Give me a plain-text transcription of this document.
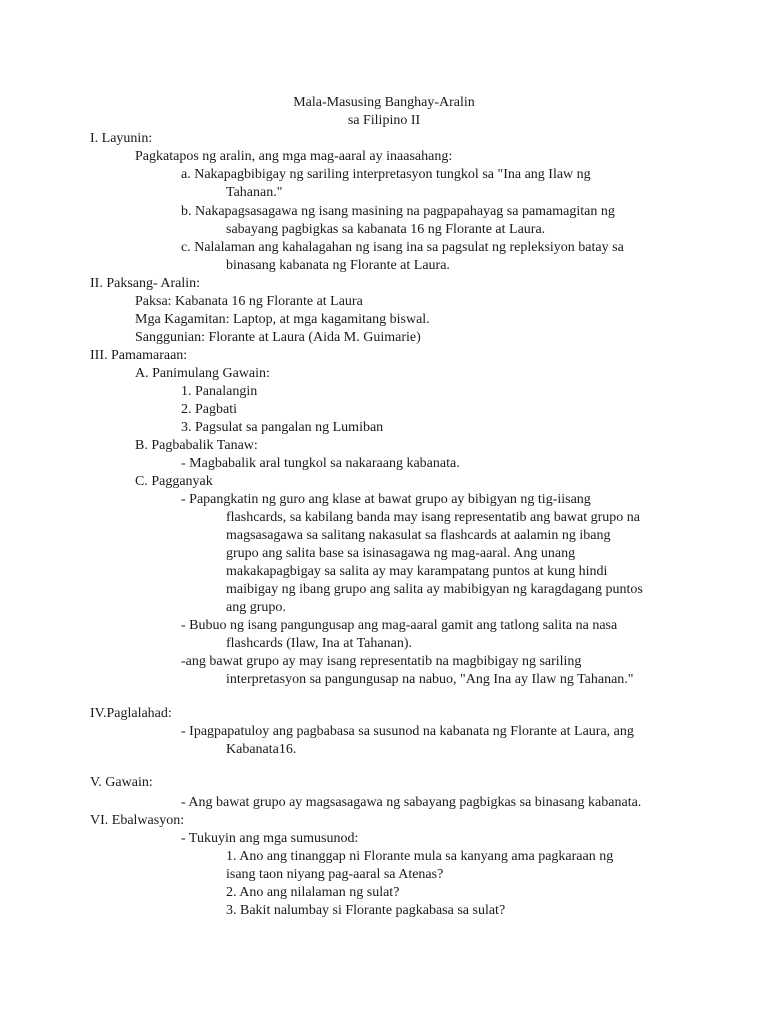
Mala-Masusing Banghay-Aralin
sa Filipino II
I. Layunin:
Pagkatapos ng aralin, ang mga mag-aaral ay inaasahang:
a. Nakapagbibigay ng sariling interpretasyon tungkol sa "Ina ang Ilaw ng
Tahanan."
b. Nakapagsasagawa ng isang masining na pagpapahayag sa pamamagitan ng
sabayang pagbigkas sa kabanata 16 ng Florante at Laura.
c. Nalalaman ang kahalagahan ng isang ina sa pagsulat ng repleksiyon batay sa
binasang kabanata ng Florante at Laura.
II. Paksang- Aralin:
Paksa: Kabanata 16 ng Florante at Laura
Mga Kagamitan: Laptop, at mga kagamitang biswal.
Sanggunian: Florante at Laura (Aida M. Guimarie)
III. Pamamaraan:
A. Panimulang Gawain:
1. Panalangin
2. Pagbati
3. Pagsulat sa pangalan ng Lumiban
B. Pagbabalik Tanaw:
- Magbabalik aral tungkol sa nakaraang kabanata.
C. Pagganyak
- Papangkatin ng guro ang klase at bawat grupo ay bibigyan ng tig-iisang
flashcards, sa kabilang banda may isang representatib ang bawat grupo na
magsasagawa sa salitang nakasulat sa flashcards at aalamin ng ibang
grupo ang salita base sa isinasagawa ng mag-aaral. Ang unang
makakapagbigay sa salita ay may karampatang puntos at kung hindi
maibigay ng ibang grupo ang salita ay mabibigyan ng karagdagang puntos
ang grupo.
- Bubuo ng isang pangungusap ang mag-aaral gamit ang tatlong salita na nasa
flashcards (Ilaw, Ina at Tahanan).
-ang bawat grupo ay may isang representatib na magbibigay ng sariling
interpretasyon sa pangungusap na nabuo, "Ang Ina ay Ilaw ng Tahanan."
IV.Paglalahad:
- Ipagpapatuloy ang pagbabasa sa susunod na kabanata ng Florante at Laura, ang
Kabanata16.
V. Gawain:
- Ang bawat grupo ay magsasagawa ng sabayang pagbigkas sa binasang kabanata.
VI. Ebalwasyon:
- Tukuyin ang mga sumusunod:
1. Ano ang tinanggap ni Florante mula sa kanyang ama pagkaraan ng
isang taon niyang pag-aaral sa Atenas?
2. Ano ang nilalaman ng sulat?
3. Bakit nalumbay si Florante pagkabasa sa sulat?
